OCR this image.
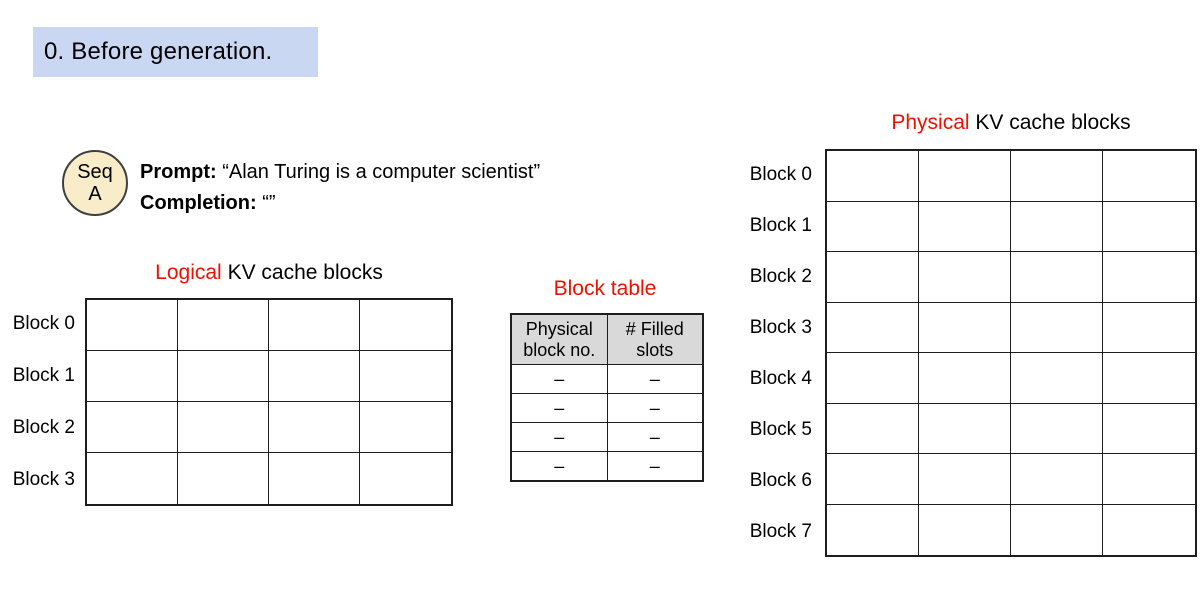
0. Before generation.
Seq
A
Prompt: “Alan Turing is a computer scientist”
Completion: “”
Logical KV cache blocks
Block 0
Block 1
Block 2
Block 3
Block table
Physical block no.	# Filled slots
–	–
–	–
–	–
–	–
Physical KV cache blocks
Block 0
Block 1
Block 2
Block 3
Block 4
Block 5
Block 6
Block 7
